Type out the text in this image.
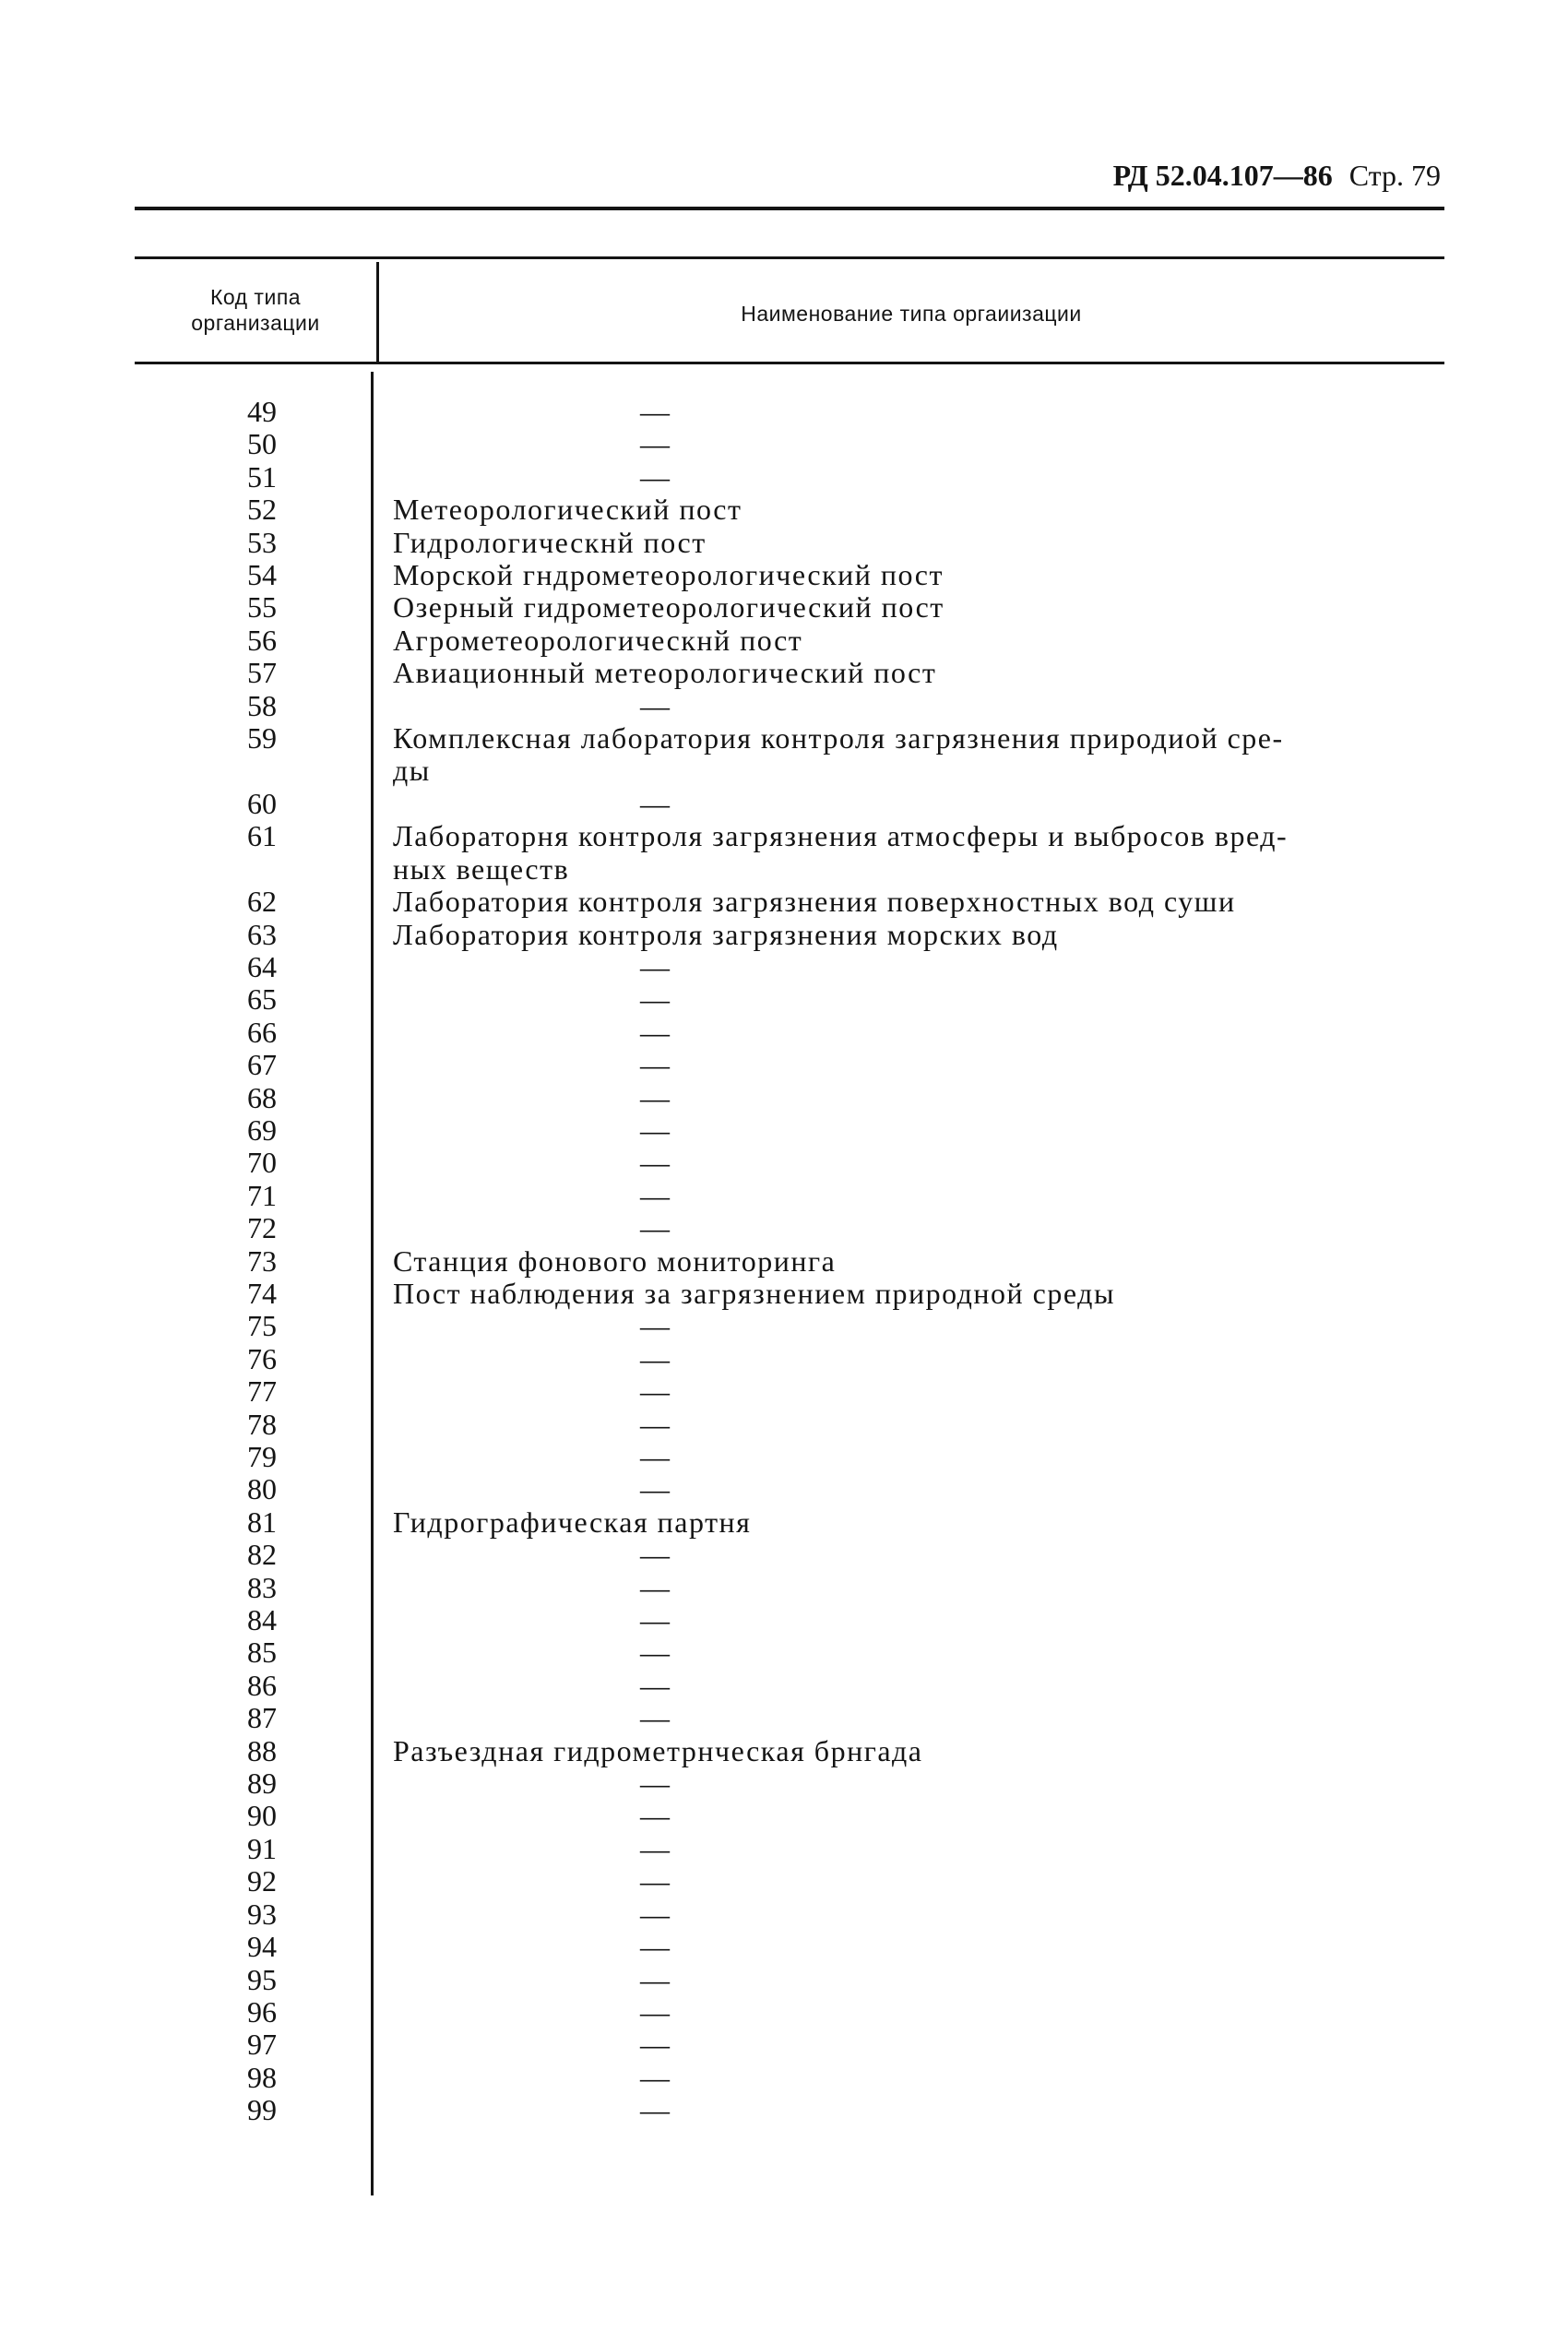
РД 52.04.107—86 Стр. 79
Код типа
организации	Наименование типа оргаиизации
49	—
50	—
51	—
52	Метеорологический пост
53	Гидрологическнй пост
54	Морской гндрометеорологический пост
55	Озерный гидрометеорологический пост
56	Агрометеорологическнй пост
57	Авиационный метеорологический пост
58	—
59	Комплексная лаборатория контроля загрязнения природиой сре-
ды
60	—
61	Лабораторня контроля загрязнения атмосферы и выбросов вред-
ных веществ
62	Лаборатория контроля загрязнения поверхностных вод суши
63	Лаборатория контроля загрязнения морских вод
64	—
65	—
66	—
67	—
68	—
69	—
70	—
71	—
72	—
73	Станция фонового мониторинга
74	Пост наблюдения за загрязнением природной среды
75	—
76	—
77	—
78	—
79	—
80	—
81	Гидрографическая партня
82	—
83	—
84	—
85	—
86	—
87	—
88	Разъездная гидрометрнческая брнгада
89	—
90	—
91	—
92	—
93	—
94	—
95	—
96	—
97	—
98	—
99	—
